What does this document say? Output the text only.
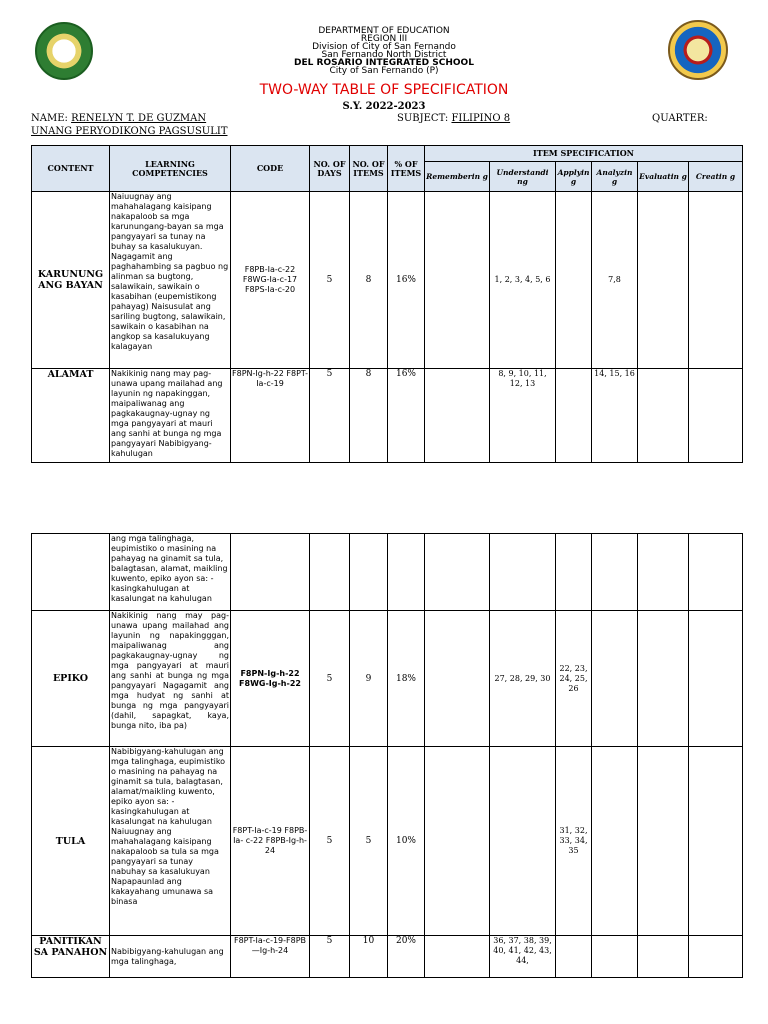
DEPARTMENT OF EDUCATION
REGION III
Division of City of San Fernando
San Fernando North District
DEL ROSARIO INTEGRATED SCHOOL
City of San Fernando (P)
TWO-WAY TABLE OF SPECIFICATION
S.Y. 2022-2023
NAME: RENELYN T. DE GUZMAN	SUBJECT: FILIPINO 8	QUARTER:
UNANG PERYODIKONG PAGSUSULIT
CONTENT	LEARNING COMPETENCIES	CODE	NO. OF DAYS	NO. OF ITEMS	% OF ITEMS	ITEM SPECIFICATION					
						Rememberin g	Understandi ng	Applyin g	Analyzin g	Evaluatin g	Creatin g
KARUNUNG ANG BAYAN	Naiuugnay ang mahahalagang kaisipang nakapaloob sa mga karunungang-bayan sa mga pangyayari sa tunay na buhay sa kasalukuyan. Nagagamit ang paghahambing sa pagbuo ng alinman sa bugtong, salawikain, sawikain o kasabihan (eupemistikong pahayag) Naisusulat ang sariling bugtong, salawikain, sawikain o kasabihan na angkop sa kasalukuyang kalagayan	F8PB-Ia-c-22 F8WG-Ia-c-17 F8PS-Ia-c-20	5	8	16%		1, 2, 3, 4, 5, 6		7,8		
ALAMAT	Nakikinig nang may pag-unawa upang mailahad ang layunin ng napakinggan, maipaliwanag ang pagkakaugnay-ugnay ng mga pangyayari at mauri ang sanhi at bunga ng mga pangyayari Nabibigyang-kahulugan	F8PN-Ig-h-22 F8PT-Ia-c-19	5	8	16%		8, 9, 10, 11, 12, 13		14, 15, 16		
	ang mga talinghaga, eupimistiko o masining na pahayag na ginamit sa tula, balagtasan, alamat, maikling kuwento, epiko ayon sa: -kasingkahulugan at kasalungat na kahulugan										
EPIKO	Nakikinig nang may pag-unawa upang mailahad ang layunin ng napakingggan, maipaliwanag ang pagkakaugnay-ugnay ng mga pangyayari at mauri ang sanhi at bunga ng mga pangyayari Nagagamit ang mga hudyat ng sanhi at bunga ng mga pangyayari (dahil, sapagkat, kaya, bunga nito, iba pa)	F8PN-Ig-h-22 F8WG-Ig-h-22	5	9	18%		27, 28, 29, 30	22, 23, 24, 25, 26			
TULA	Nabibigyang-kahulugan ang mga talinghaga, eupimistiko o masining na pahayag na ginamit sa tula, balagtasan, alamat/maikling kuwento, epiko ayon sa: - kasingkahulugan at kasalungat na kahulugan Naiuugnay ang mahahalagang kaisipang nakapaloob sa tula sa mga pangyayari sa tunay nabuhay sa kasalukuyan Napapaunlad ang kakayahang umunawa sa binasa	F8PT-Ia-c-19 F8PB- Ia- c-22 F8PB-Ig-h-24	5	5	10%			31, 32, 33, 34, 35			
PANITIKAN SA PANAHON	Nabibigyang-kahulugan ang mga talinghaga,	F8PT-Ia-c-19-F8PB—Ig-h-24	5	10	20%		36, 37, 38, 39, 40, 41, 42, 43, 44,				
